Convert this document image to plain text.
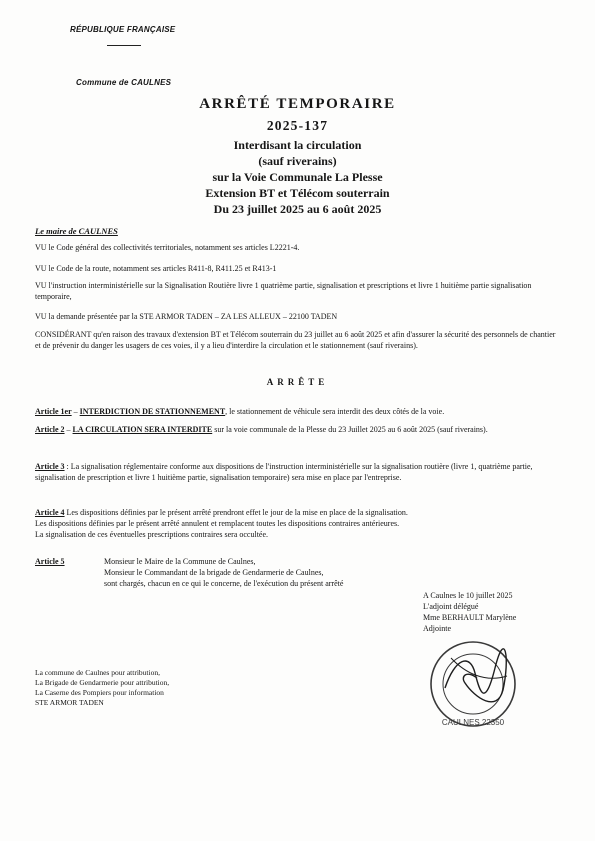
RÉPUBLIQUE FRANÇAISE
Commune de CAULNES
ARRÊTÉ TEMPORAIRE
2025-137
Interdisant la circulation
(sauf riverains)
sur la Voie Communale La Plesse
Extension BT et Télécom souterrain
Du 23 juillet 2025 au 6 août 2025
Le maire de CAULNES
VU le Code général des collectivités territoriales, notamment ses articles L2221-4.
VU le Code de la route, notamment ses articles R411-8, R411.25 et R413-1
VU l'instruction interministérielle sur la Signalisation Routière livre 1 quatrième partie, signalisation et prescriptions et livre 1 huitième partie signalisation temporaire,
VU la demande présentée par la STE ARMOR TADEN – ZA LES ALLEUX – 22100 TADEN
CONSIDÉRANT qu'en raison des travaux d'extension BT et Télécom souterrain du 23 juillet au 6 août 2025 et afin d'assurer la sécurité des personnels de chantier et de prévenir du danger les usagers de ces voies, il y a lieu d'interdire la circulation et le stationnement (sauf riverains).
ARRÊTE
Article 1er – INTERDICTION DE STATIONNEMENT, le stationnement de véhicule sera interdit des deux côtés de la voie.
Article 2 – LA CIRCULATION SERA INTERDITE sur la voie communale de la Plesse du 23 Juillet 2025 au 6 août 2025 (sauf riverains).
Article 3 : La signalisation réglementaire conforme aux dispositions de l'instruction interministérielle sur la signalisation routière (livre 1, quatrième partie, signalisation de prescription et livre 1 huitième partie, signalisation temporaire) sera mise en place par l'entreprise.
Article 4 Les dispositions définies par le présent arrêté prendront effet le jour de la mise en place de la signalisation.
Les dispositions définies par le présent arrêté annulent et remplacent toutes les dispositions contraires antérieures.
La signalisation de ces éventuelles prescriptions contraires sera occultée.
Article 5	Monsieur le Maire de la Commune de Caulnes,
Monsieur le Commandant de la brigade de Gendarmerie de Caulnes,
sont chargés, chacun en ce qui le concerne, de l'exécution du présent arrêté
A Caulnes le 10 juillet 2025
L'adjoint délégué
Mme BERHAULT Marylène
Adjointe
CAULNES 22350
La commune de Caulnes pour attribution,
La Brigade de Gendarmerie pour attribution,
La Caserne des Pompiers pour information
STE ARMOR TADEN
